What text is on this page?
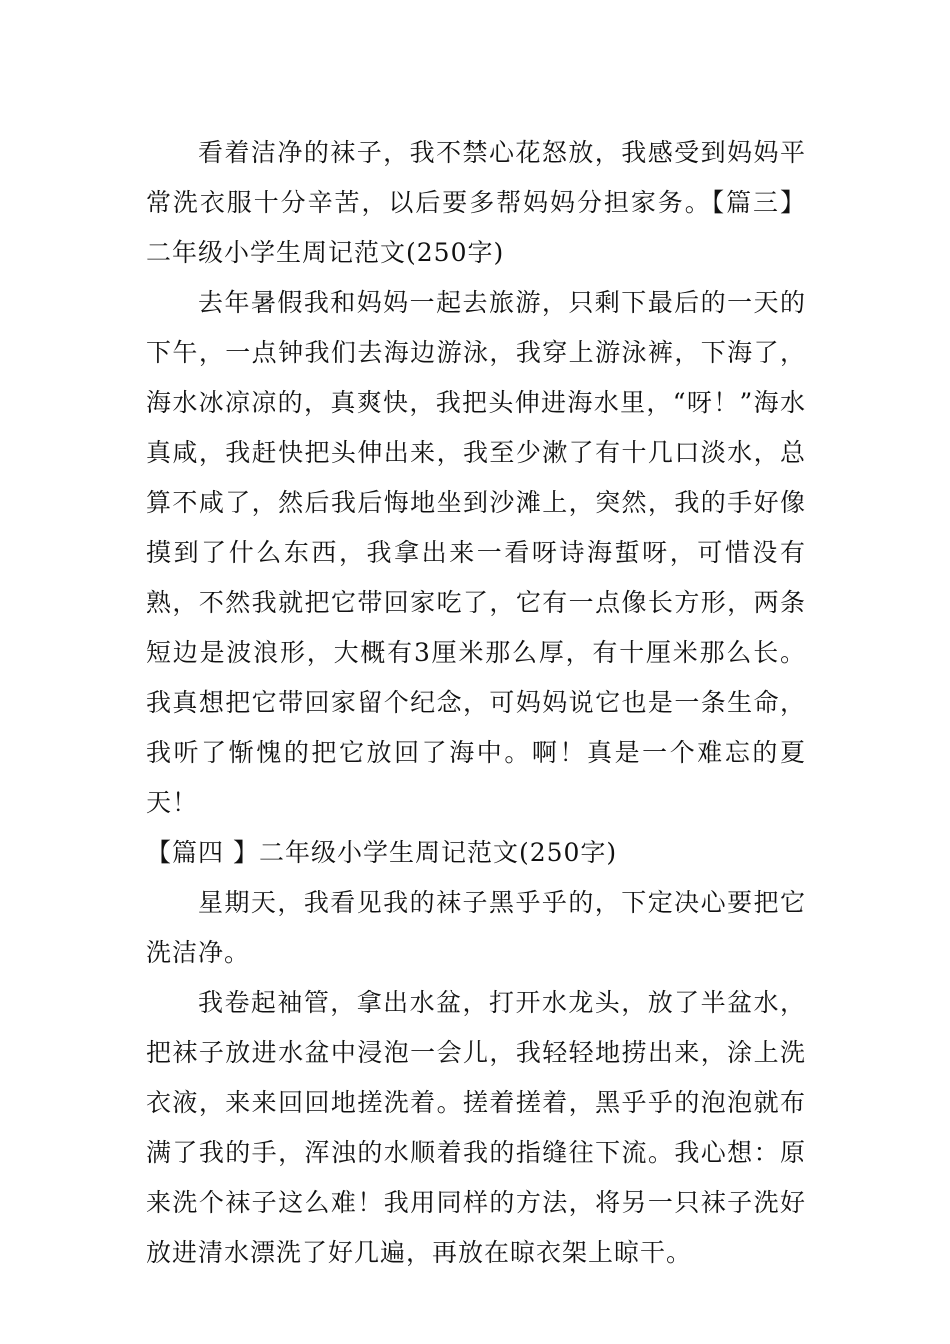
看着洁净的袜子，我不禁心花怒放，我感受到妈妈平常洗衣服十分辛苦，以后要多帮妈妈分担家务。【篇三】二年级小学生周记范文(250字)

去年暑假我和妈妈一起去旅游，只剩下最后的一天的下午，一点钟我们去海边游泳，我穿上游泳裤，下海了，海水冰凉凉的，真爽快，我把头伸进海水里，“呀！”海水真咸，我赶快把头伸出来，我至少漱了有十几口淡水，总算不咸了，然后我后悔地坐到沙滩上，突然，我的手好像摸到了什么东西，我拿出来一看呀诗海蜇呀，可惜没有熟，不然我就把它带回家吃了，它有一点像长方形，两条短边是波浪形，大概有3厘米那么厚，有十厘米那么长。我真想把它带回家留个纪念，可妈妈说它也是一条生命，我听了惭愧的把它放回了海中。啊！真是一个难忘的夏天！

【篇四 】二年级小学生周记范文(250字)

星期天，我看见我的袜子黑乎乎的，下定决心要把它洗洁净。

我卷起袖管，拿出水盆，打开水龙头，放了半盆水，把袜子放进水盆中浸泡一会儿，我轻轻地捞出来，涂上洗衣液，来来回回地搓洗着。搓着搓着，黑乎乎的泡泡就布满了我的手，浑浊的水顺着我的指缝往下流。我心想：原来洗个袜子这么难！我用同样的方法，将另一只袜子洗好放进清水漂洗了好几遍，再放在晾衣架上晾干。
